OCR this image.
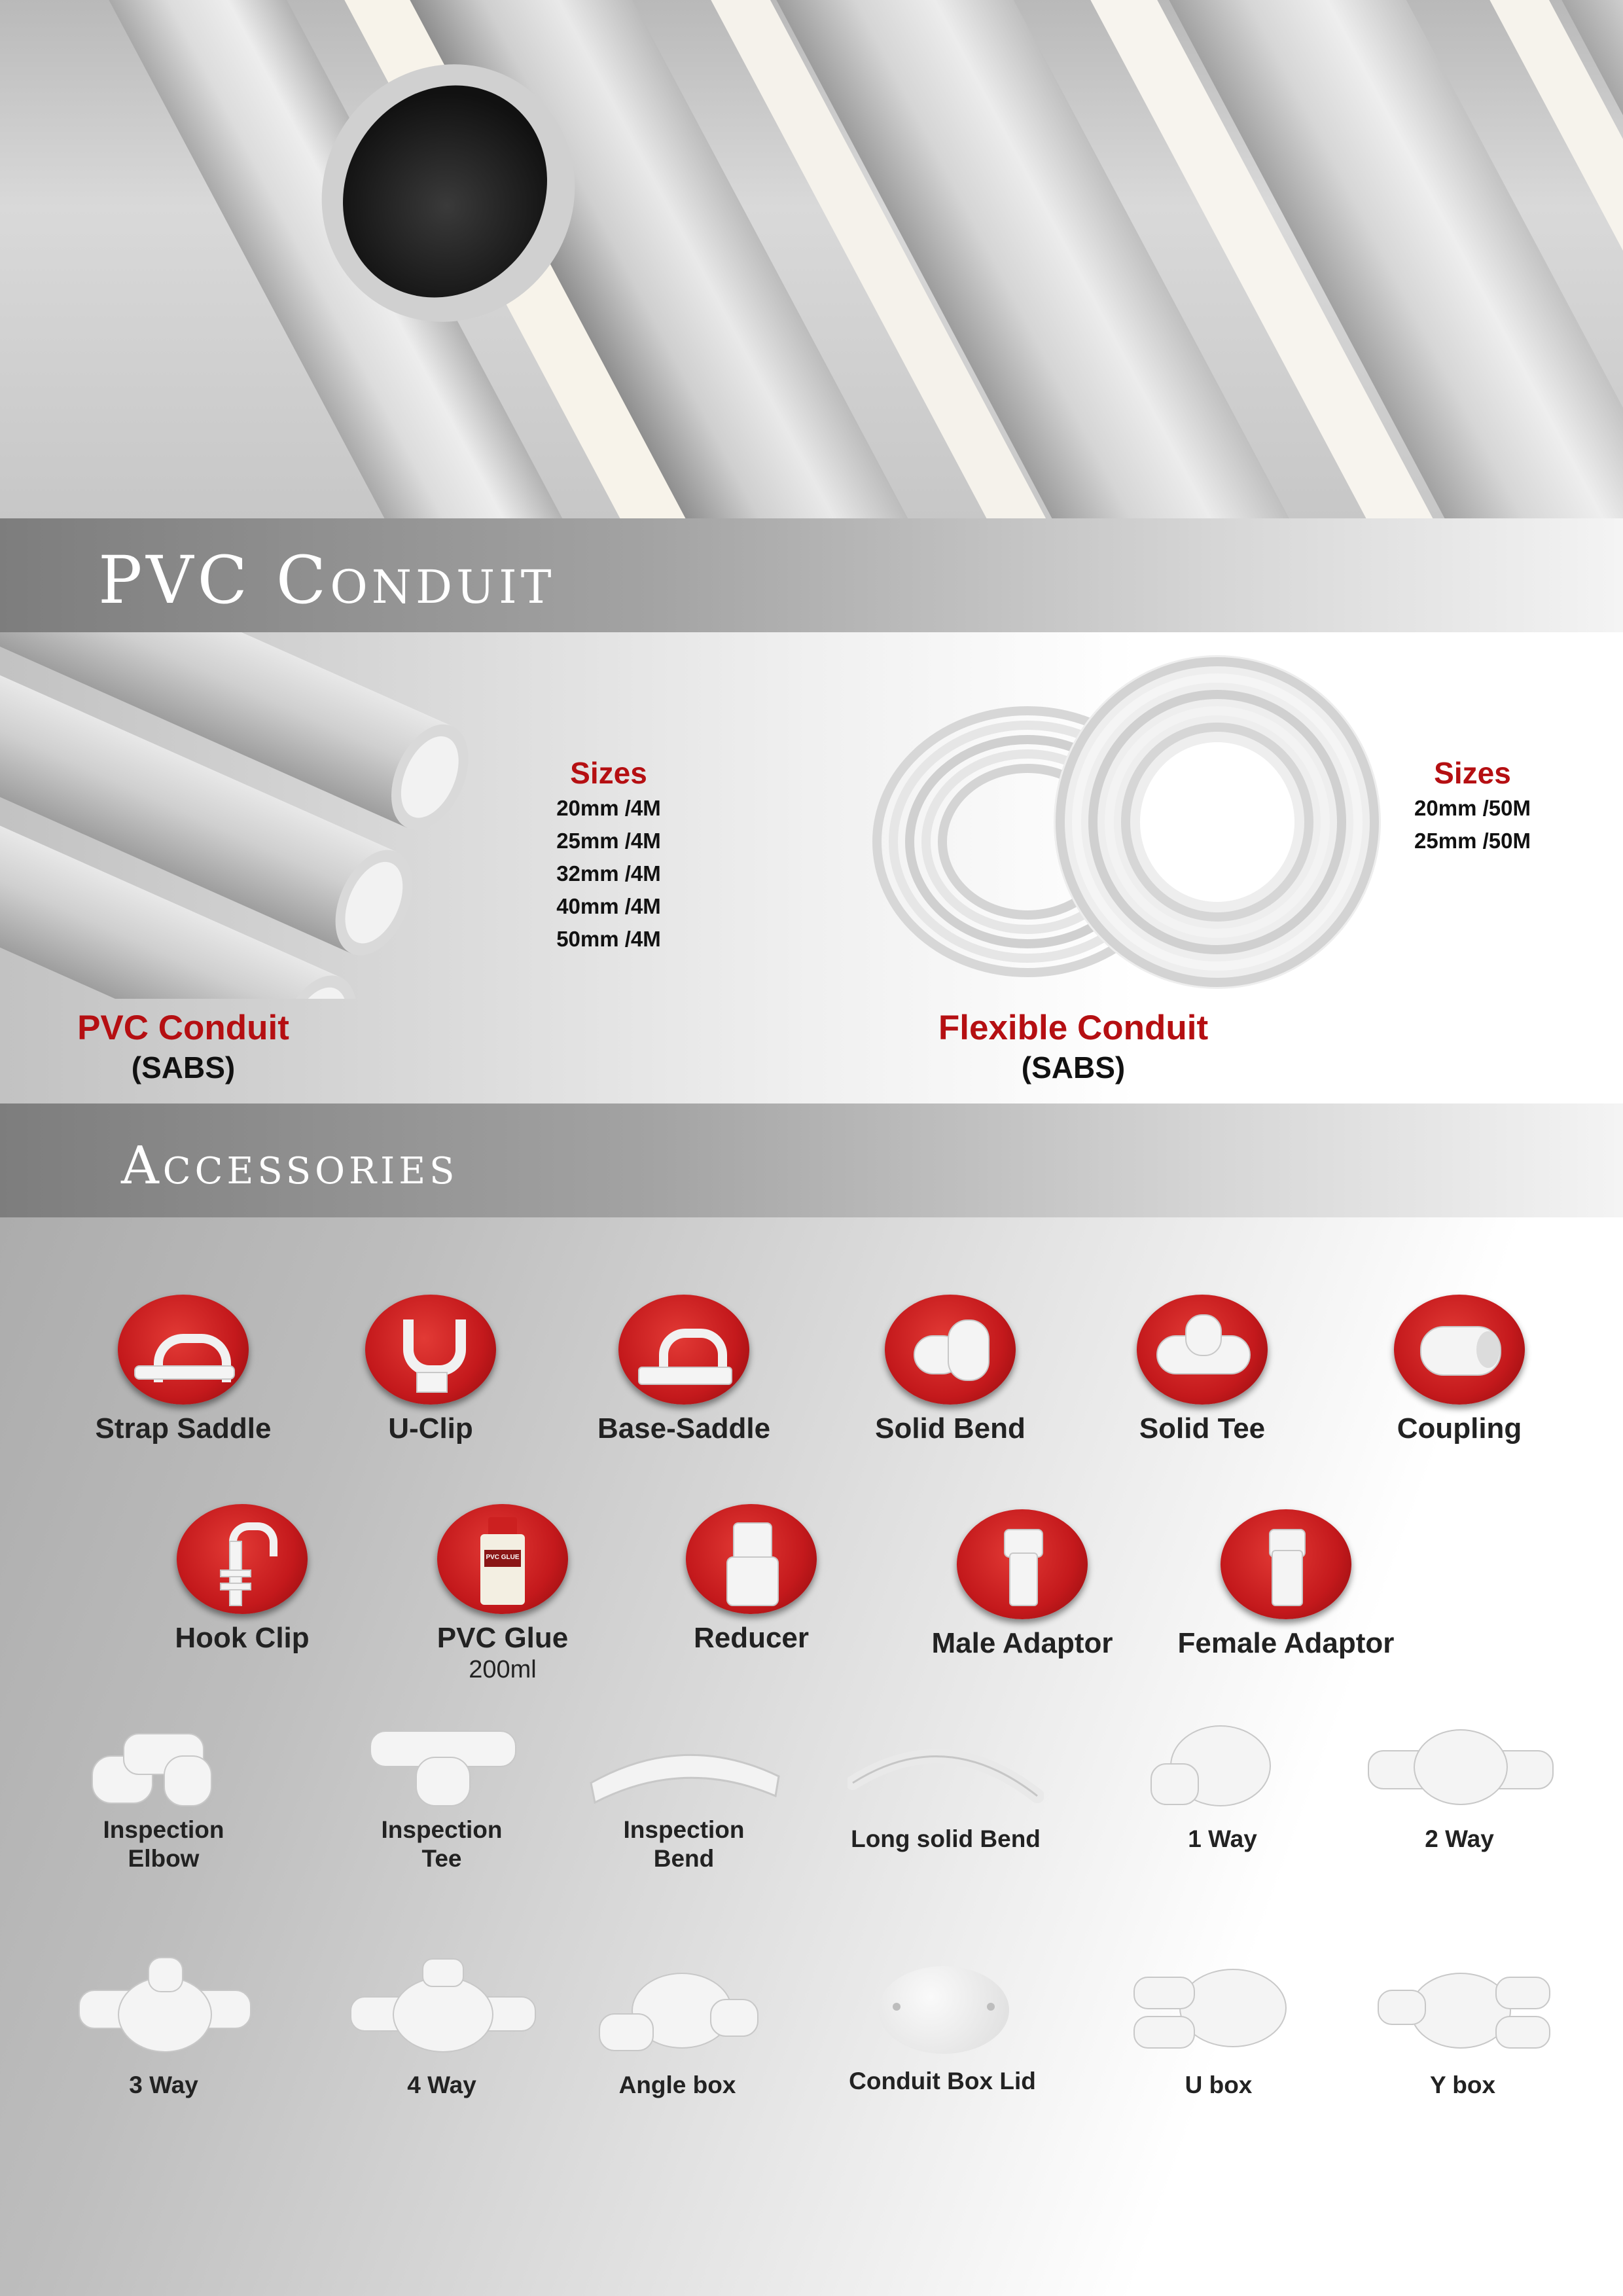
PVC Conduit
Sizes
20mm /4M
25mm /4M
32mm /4M
40mm /4M
50mm /4M
PVC Conduit
(SABS)
Sizes
20mm /50M
25mm /50M
Flexible Conduit
(SABS)
Accessories
Strap Saddle	U-Clip	Base-Saddle	Solid Bend	Solid Tee	Coupling
Hook Clip
PVC GLUE
PVC Glue
200ml
Reducer	Male Adaptor	Female Adaptor
Inspection
Elbow
Inspection
Tee
Inspection
Bend
Long solid Bend	1 Way	2 Way
3 Way	4 Way	Angle box	Conduit Box Lid	U box	Y box
